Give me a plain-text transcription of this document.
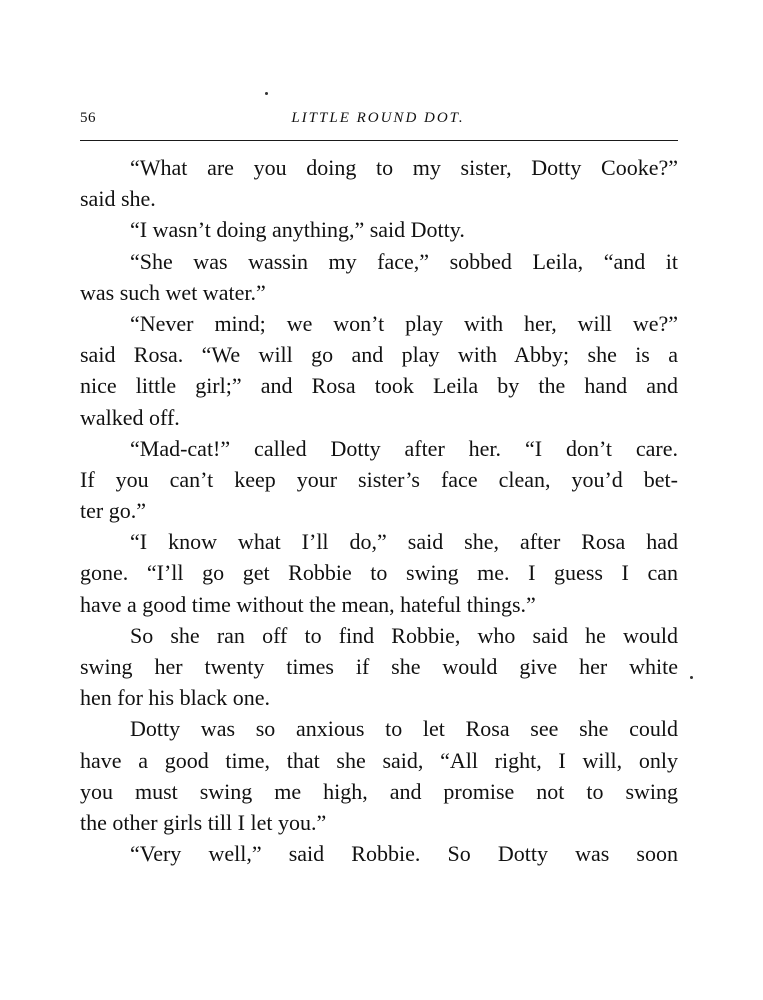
56	LITTLE ROUND DOT.
“What are you doing to my sister, Dotty Cooke?”
said she.
“I wasn’t doing anything,” said Dotty.
“She was wassin my face,” sobbed Leila, “and it
was such wet water.”
“Never mind; we won’t play with her, will we?”
said Rosa. “We will go and play with Abby; she is a
nice little girl;” and Rosa took Leila by the hand and
walked off.
“Mad-cat!” called Dotty after her. “I don’t care.
If you can’t keep your sister’s face clean, you’d bet-
ter go.”
“I know what I’ll do,” said she, after Rosa had
gone. “I’ll go get Robbie to swing me. I guess I can
have a good time without the mean, hateful things.”
So she ran off to find Robbie, who said he would
swing her twenty times if she would give her white
hen for his black one.
Dotty was so anxious to let Rosa see she could
have a good time, that she said, “All right, I will, only
you must swing me high, and promise not to swing
the other girls till I let you.”
“Very well,” said Robbie. So Dotty was soon
